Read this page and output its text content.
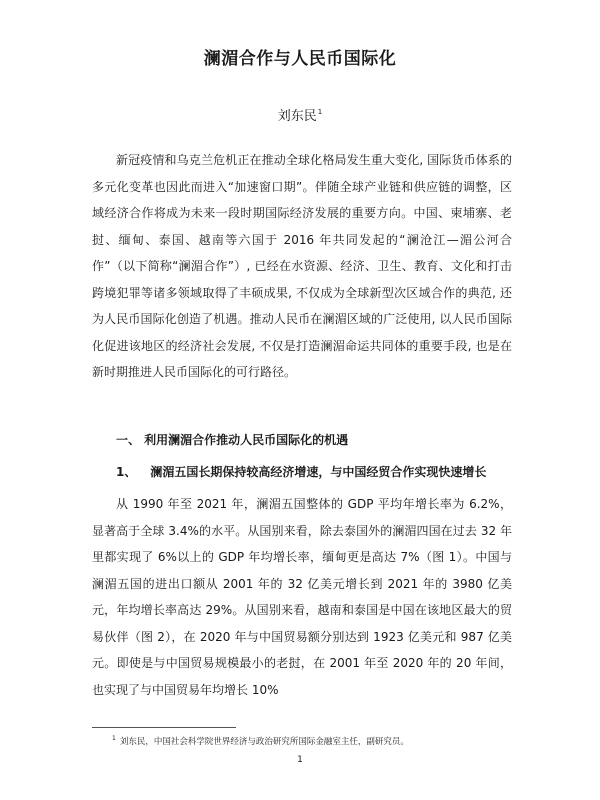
澜湄合作与人民币国际化
刘东民$^1$

新冠疫情和乌克兰危机正在推动全球化格局发生重大变化, 国际货币体系的多元化变革也因此而进入“加速窗口期”。伴随全球产业链和供应链的调整，区域经济合作将成为未来一段时期国际经济发展的重要方向。中国、柬埔寨、老挝、缅甸、泰国、越南等六国于 2016 年共同发起的“澜沧江—湄公河合作”（以下简称“澜湄合作”）, 已经在水资源、经济、卫生、教育、文化和打击跨境犯罪等诸多领域取得了丰硕成果, 不仅成为全球新型次区域合作的典范, 还为人民币国际化创造了机遇。推动人民币在澜湄区域的广泛使用, 以人民币国际化促进该地区的经济社会发展, 不仅是打造澜湄命运共同体的重要手段, 也是在新时期推进人民币国际化的可行路径。

一、 利用澜湄合作推动人民币国际化的机遇

1、 澜湄五国长期保持较高经济增速，与中国经贸合作实现快速增长

从 1990 年至 2021 年，澜湄五国整体的 GDP 平均年增长率为 6.2%，显著高于全球 3.4%的水平。从国别来看，除去泰国外的澜湄四国在过去 32 年里都实现了 6%以上的 GDP 年均增长率，缅甸更是高达 7%（图 1）。中国与澜湄五国的进出口额从 2001 年的 32 亿美元增长到 2021 年的 3980 亿美元，年均增长率高达 29%。从国别来看，越南和泰国是中国在该地区最大的贸易伙伴（图 2），在 2020 年与中国贸易额分别达到 1923 亿美元和 987 亿美元。即使是与中国贸易规模最小的老挝，在 2001 年至 2020 年的 20 年间，也实现了与中国贸易年均增长 10%

$^1$ 刘东民，中国社会科学院世界经济与政治研究所国际金融室主任，副研究员。
1
